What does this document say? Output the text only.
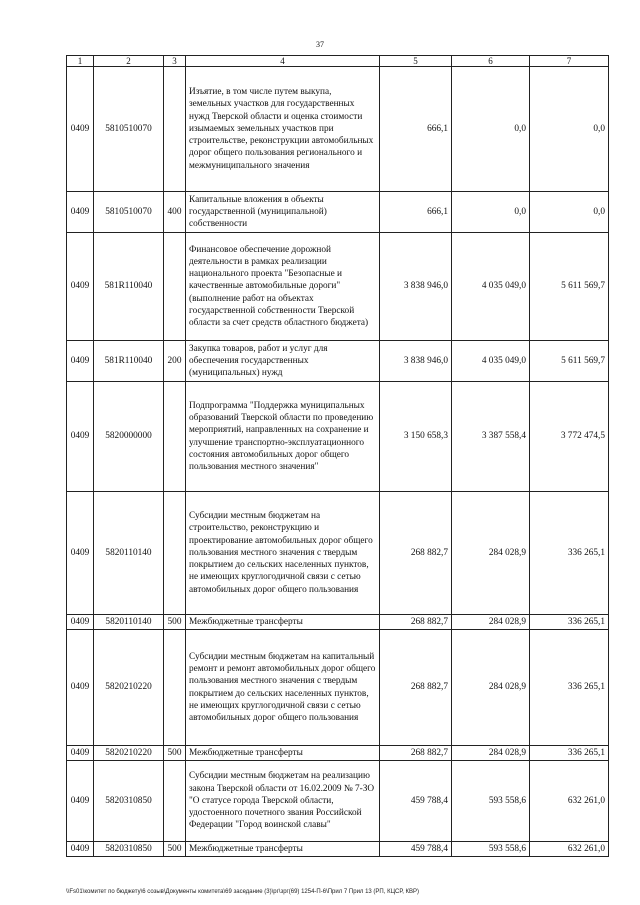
37
1	2	3	4	5	6	7
0409	5810510070		Изъятие, в том числе путем выкупа, земельных участков для государственных нужд Тверской области и оценка стоимости изымаемых земельных участков при строительстве, реконструкции автомобильных дорог общего пользования регионального и межмуниципального значения	666,1	0,0	0,0
0409	5810510070	400	Капитальные вложения в объекты государственной (муниципальной) собственности	666,1	0,0	0,0
0409	581R110040		Финансовое обеспечение дорожной деятельности в рамках реализации национального проекта "Безопасные и качественные автомобильные дороги" (выполнение работ на объектах государственной собственности Тверской области за счет средств областного бюджета)	3 838 946,0	4 035 049,0	5 611 569,7
0409	581R110040	200	Закупка товаров, работ и услуг для обеспечения государственных (муниципальных) нужд	3 838 946,0	4 035 049,0	5 611 569,7
0409	5820000000		Подпрограмма "Поддержка муниципальных образований Тверской области по проведению мероприятий, направленных на сохранение и улучшение транспортно-эксплуатационного состояния автомобильных дорог общего пользования местного значения"	3 150 658,3	3 387 558,4	3 772 474,5
0409	5820110140		Субсидии местным бюджетам на строительство, реконструкцию и проектирование автомобильных дорог общего пользования местного значения с твердым покрытием до сельских населенных пунктов, не имеющих круглогодичной связи с сетью автомобильных дорог общего пользования	268 882,7	284 028,9	336 265,1
0409	5820110140	500	Межбюджетные трансферты	268 882,7	284 028,9	336 265,1
0409	5820210220		Субсидии местным бюджетам на капитальный ремонт и ремонт автомобильных дорог общего пользования местного значения с твердым покрытием до сельских населенных пунктов, не имеющих круглогодичной связи с сетью автомобильных дорог общего пользования	268 882,7	284 028,9	336 265,1
0409	5820210220	500	Межбюджетные трансферты	268 882,7	284 028,9	336 265,1
0409	5820310850		Субсидии местным бюджетам на реализацию закона Тверской области от 16.02.2009 № 7-ЗО "О статусе города Тверской области, удостоенного почетного звания Российской Федерации "Город воинской славы"	459 788,4	593 558,6	632 261,0
0409	5820310850	500	Межбюджетные трансферты	459 788,4	593 558,6	632 261,0
\\Fs01\комитет по бюджету\6 созыв\Документы комитета\69 заседание (3)\рг\зрг(69) 1254-П-6\Прил 7 Прил 13 (РП, КЦСР, КВР)
